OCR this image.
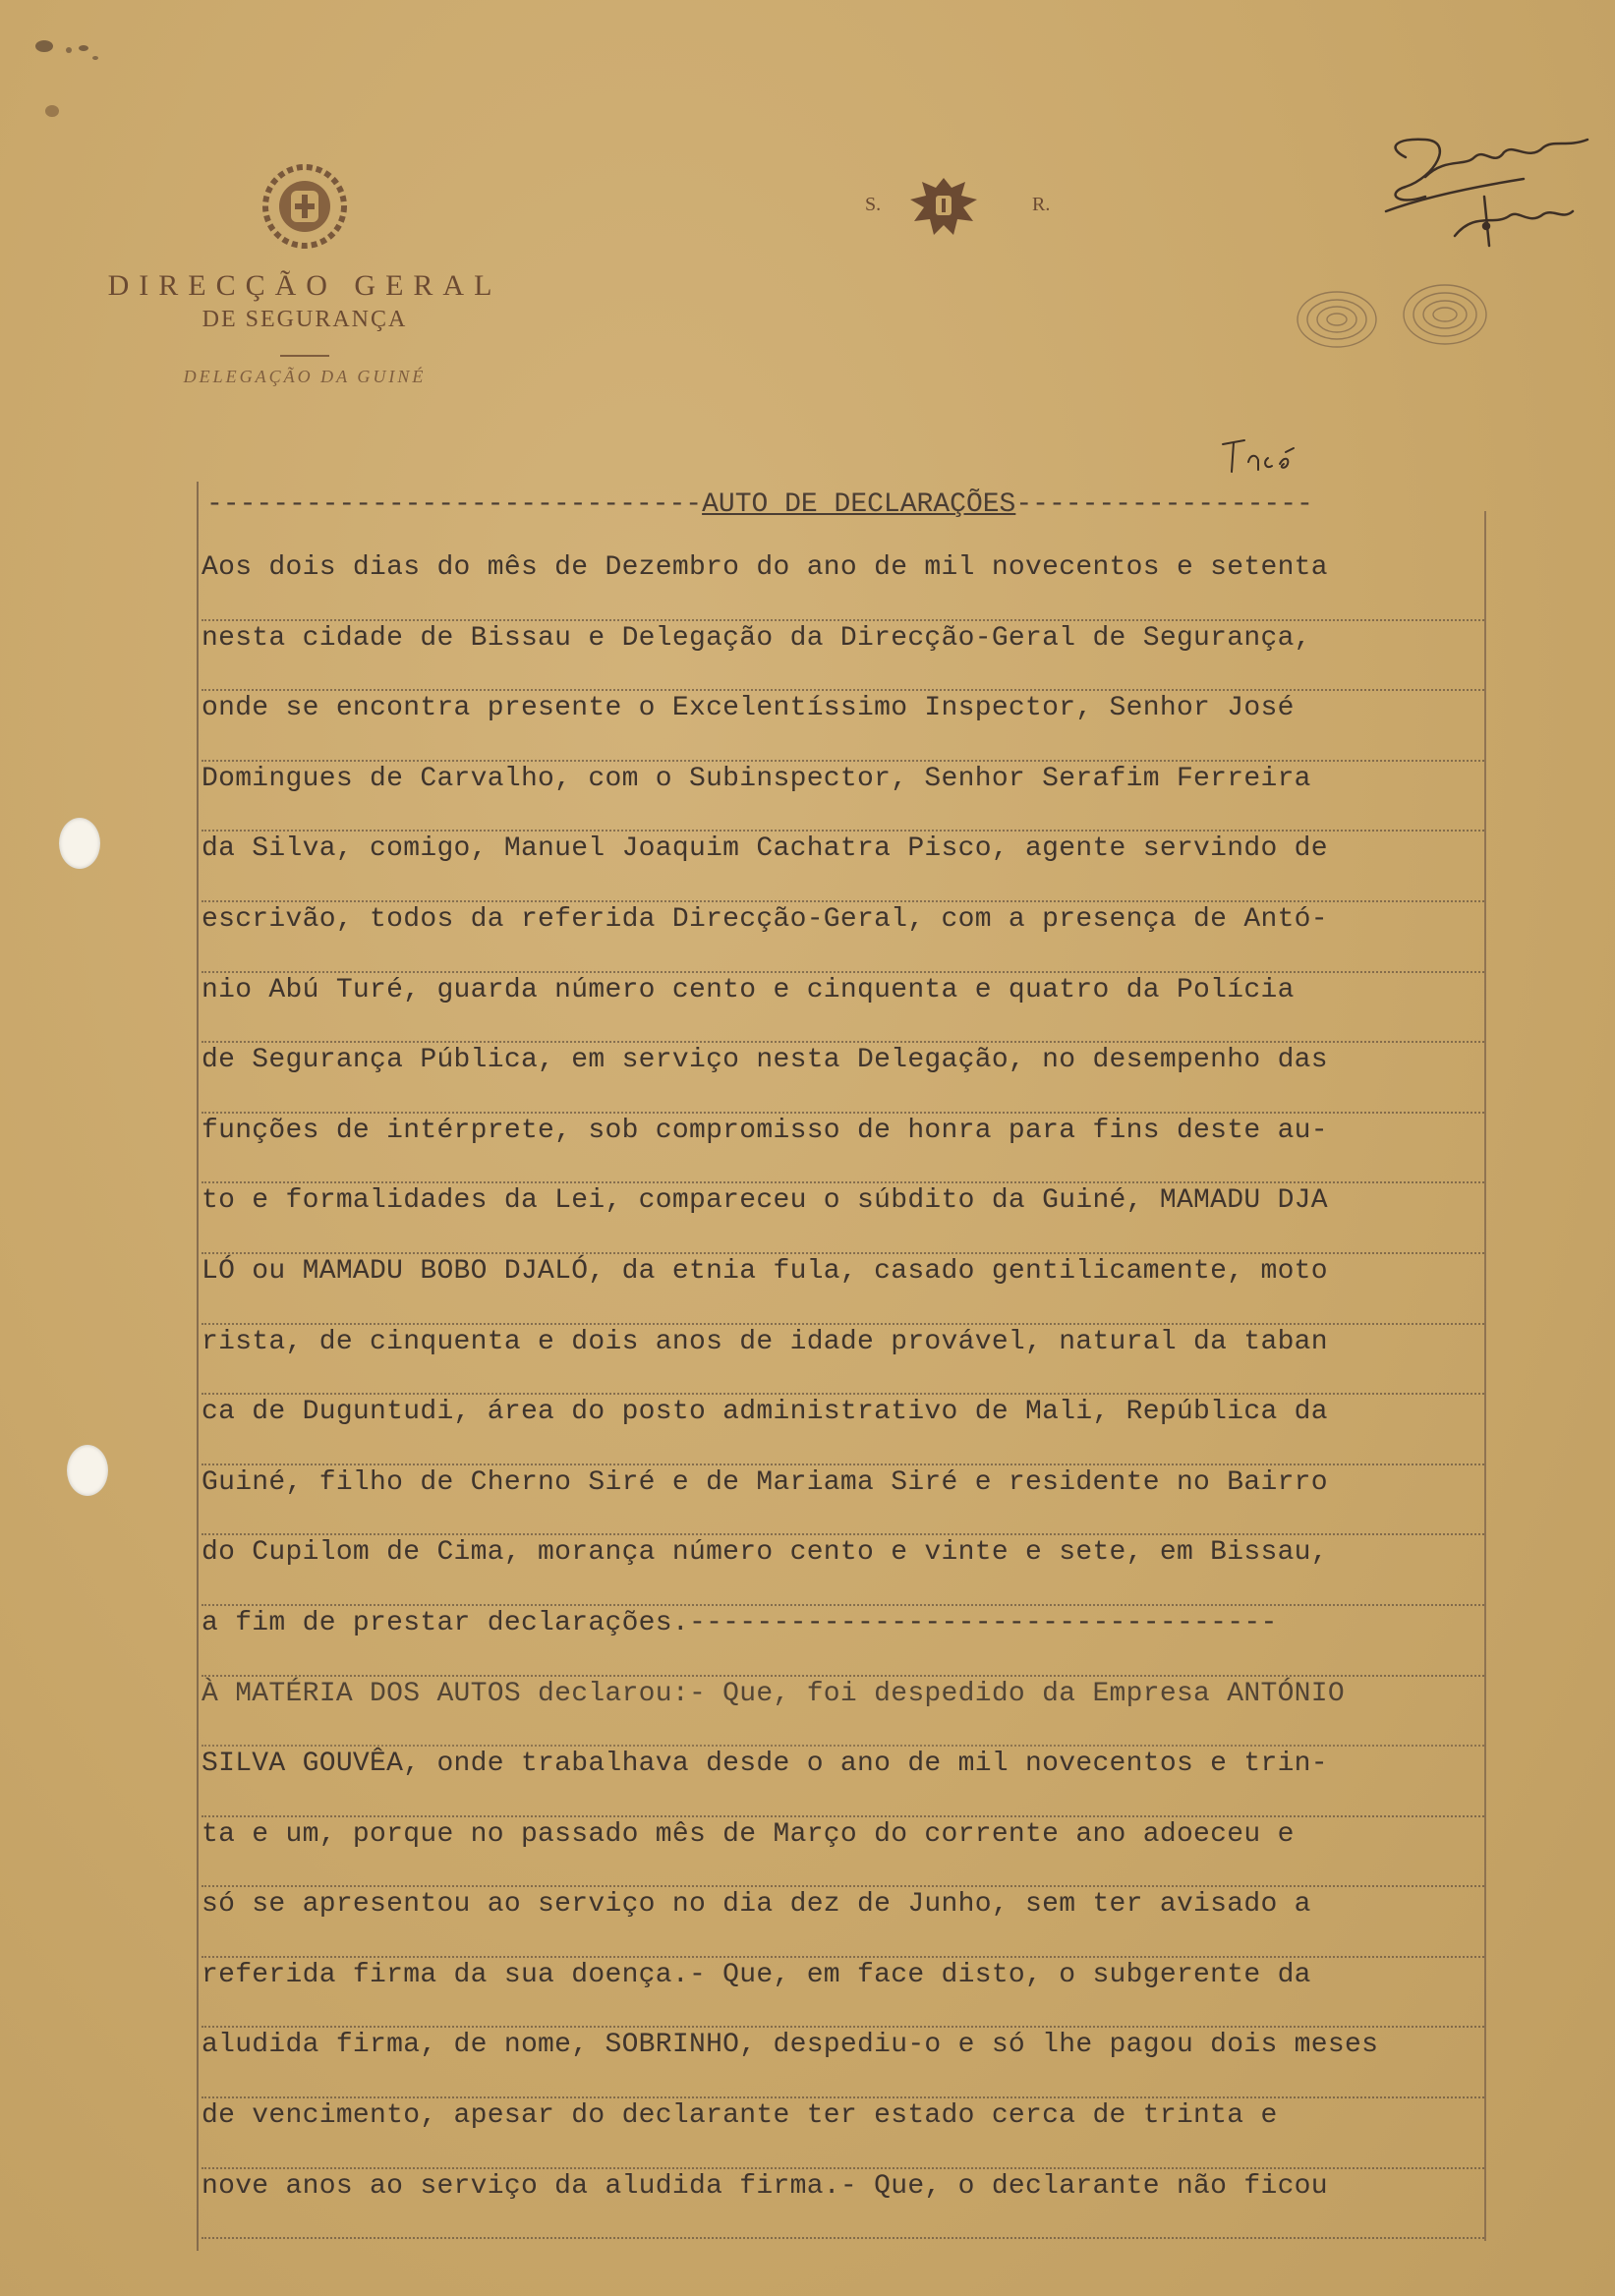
DIRECÇÃO GERAL
DE SEGURANÇA
DELEGAÇÃO DA GUINÉ
S.	R.
------------------------------AUTO DE DECLARAÇÕES------------------
Aos dois dias do mês de Dezembro do ano de mil novecentos e setenta
nesta cidade de Bissau e Delegação da Direcção-Geral de Segurança,
onde se encontra presente o Excelentíssimo Inspector, Senhor José
Domingues de Carvalho, com o Subinspector, Senhor Serafim Ferreira
da Silva, comigo, Manuel Joaquim Cachatra Pisco, agente servindo de
escrivão, todos da referida Direcção-Geral, com a presença de Antó-
nio Abú Turé, guarda número cento e cinquenta e quatro da Polícia
de Segurança Pública, em serviço nesta Delegação, no desempenho das
funções de intérprete, sob compromisso de honra para fins deste au-
to e formalidades da Lei, compareceu o súbdito da Guiné, MAMADU DJA
LÓ ou MAMADU BOBO DJALÓ, da etnia fula, casado gentilicamente, moto
rista, de cinquenta e dois anos de idade provável, natural da taban
ca de Duguntudi, área do posto administrativo de Mali, República da
Guiné, filho de Cherno Siré e de Mariama Siré e residente no Bairro
do Cupilom de Cima, morança número cento e vinte e sete, em Bissau,
a fim de prestar declarações.-----------------------------------
À MATÉRIA DOS AUTOS declarou:- Que, foi despedido da Empresa ANTÓNIO
SILVA GOUVÊA, onde trabalhava desde o ano de mil novecentos e trin-
ta e um, porque no passado mês de Março do corrente ano adoeceu e
só se apresentou ao serviço no dia dez de Junho, sem ter avisado a
referida firma da sua doença.- Que, em face disto, o subgerente da
aludida firma, de nome, SOBRINHO, despediu-o e só lhe pagou dois meses
de vencimento, apesar do declarante ter estado cerca de trinta e
nove anos ao serviço da aludida firma.- Que, o declarante não ficou
